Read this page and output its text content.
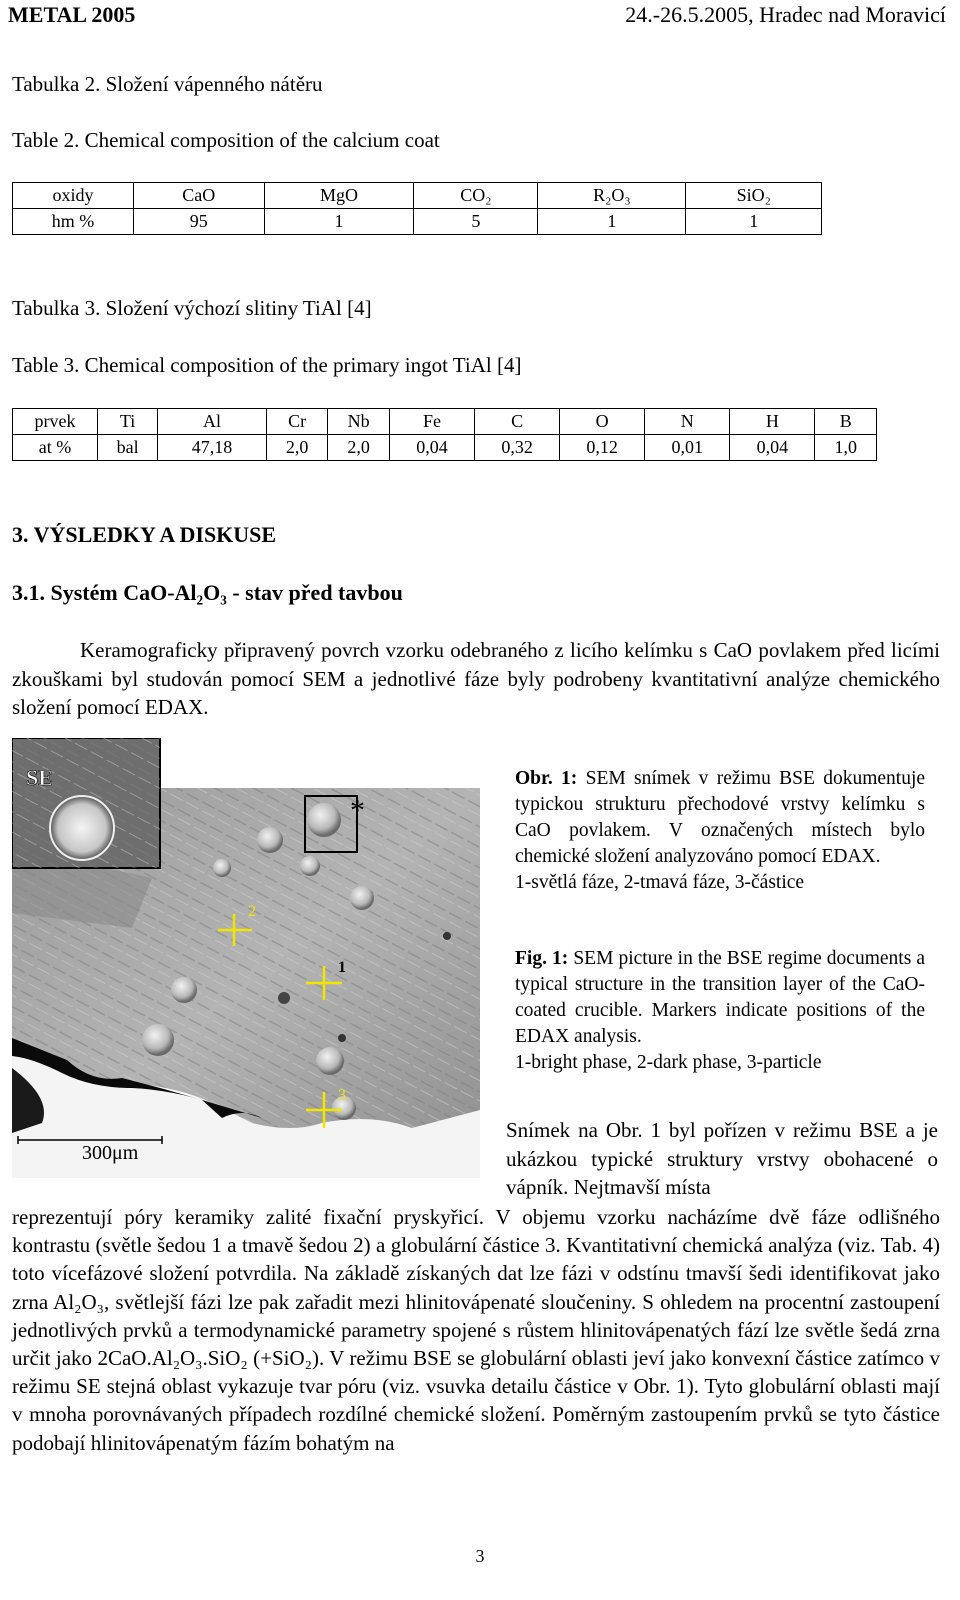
METAL 2005	24.-26.5.2005, Hradec nad Moravicí
Tabulka 2. Složení vápenného nátěru
Table 2. Chemical composition of the calcium coat
oxidy	CaO	MgO	CO₂	R₂O₃	SiO₂
hm %	95	1	5	1	1
Tabulka 3. Složení výchozí slitiny TiAl [4]
Table 3. Chemical composition of the primary ingot TiAl [4]
prvek	Ti	Al	Cr	Nb	Fe	C	O	N	H	B
at %	bal	47,18	2,0	2,0	0,04	0,32	0,12	0,01	0,04	1,0
3. VÝSLEDKY A DISKUSE
3.1. Systém CaO-Al₂O₃ - stav před tavbou
Keramograficky připravený povrch vzorku odebraného z licího kelímku s CaO povlakem před licími zkouškami byl studován pomocí SEM a jednotlivé fáze byly podrobeny kvantitativní analýze chemického složení pomocí EDAX.
*
SE
2
1
3
300μm
Obr. 1: SEM snímek v režimu BSE dokumentuje typickou strukturu přechodové vrstvy kelímku s CaO povlakem. V označených místech bylo chemické složení analyzováno pomocí EDAX.
1-světlá fáze, 2-tmavá fáze, 3-částice
Fig. 1: SEM picture in the BSE regime documents a typical structure in the transition layer of the CaO-coated crucible. Markers indicate positions of the EDAX analysis.
1-bright phase, 2-dark phase, 3-particle
Snímek na Obr. 1 byl pořízen v režimu BSE a je ukázkou typické struktury vrstvy obohacené o vápník. Nejtmavší místa
reprezentují póry keramiky zalité fixační pryskyřicí. V objemu vzorku nacházíme dvě fáze odlišného kontrastu (světle šedou 1 a tmavě šedou 2) a globulární částice 3. Kvantitativní chemická analýza (viz. Tab. 4) toto vícefázové složení potvrdila. Na základě získaných dat lze fázi v odstínu tmavší šedi identifikovat jako zrna Al₂O₃, světlejší fázi lze pak zařadit mezi hlinitovápenaté sloučeniny. S ohledem na procentní zastoupení jednotlivých prvků a termodynamické parametry spojené s růstem hlinitovápenatých fází lze světle šedá zrna určit jako 2CaO.Al₂O₃.SiO₂ (+SiO₂). V režimu BSE se globulární oblasti jeví jako konvexní částice zatímco v režimu SE stejná oblast vykazuje tvar póru (viz. vsuvka detailu částice v Obr. 1). Tyto globulární oblasti mají v mnoha porovnávaných případech rozdílné chemické složení. Poměrným zastoupením prvků se tyto částice podobají hlinitovápenatým fázím bohatým na
3
